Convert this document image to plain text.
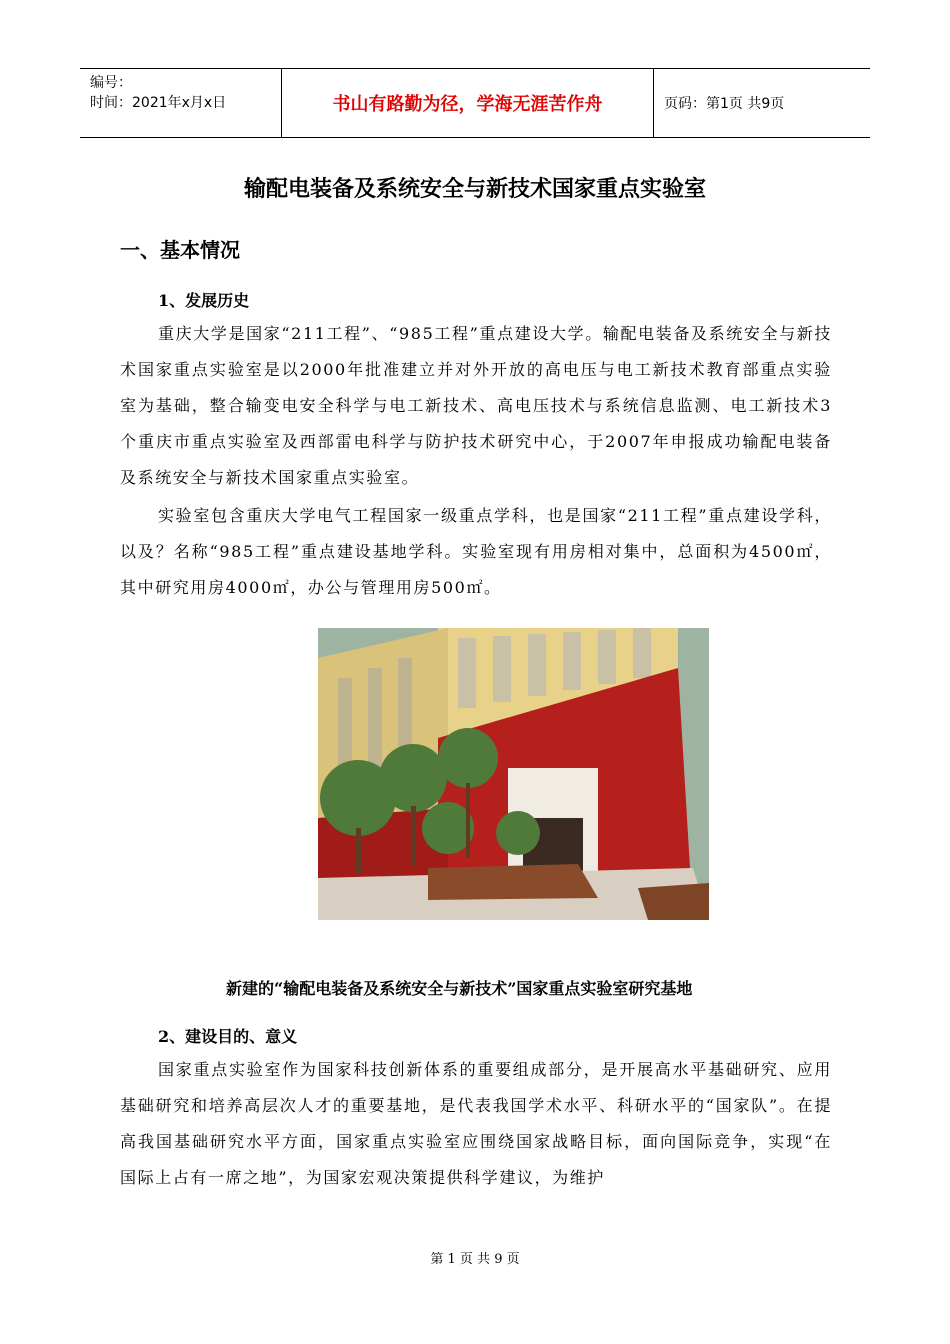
编号：
时间：2021年x月x日	书山有路勤为径，学海无涯苦作舟	页码：第1页 共9页
输配电装备及系统安全与新技术国家重点实验室
一、基本情况
1、发展历史
重庆大学是国家“211工程”、“985工程”重点建设大学。输配电装备及系统安全与新技术国家重点实验室是以2000年批准建立并对外开放的高电压与电工新技术教育部重点实验室为基础，整合输变电安全科学与电工新技术、高电压技术与系统信息监测、电工新技术3个重庆市重点实验室及西部雷电科学与防护技术研究中心，于2007年申报成功输配电装备及系统安全与新技术国家重点实验室。
实验室包含重庆大学电气工程国家一级重点学科，也是国家“211工程”重点建设学科，以及？名称“985工程”重点建设基地学科。实验室现有用房相对集中，总面积为4500㎡，其中研究用房4000㎡，办公与管理用房500㎡。
新建的“输配电装备及系统安全与新技术”国家重点实验室研究基地
2、建设目的、意义
国家重点实验室作为国家科技创新体系的重要组成部分，是开展高水平基础研究、应用基础研究和培养高层次人才的重要基地，是代表我国学术水平、科研水平的“国家队”。在提高我国基础研究水平方面，国家重点实验室应围绕国家战略目标，面向国际竞争，实现“在国际上占有一席之地”，为国家宏观决策提供科学建议，为维护
第 1 页 共 9 页
